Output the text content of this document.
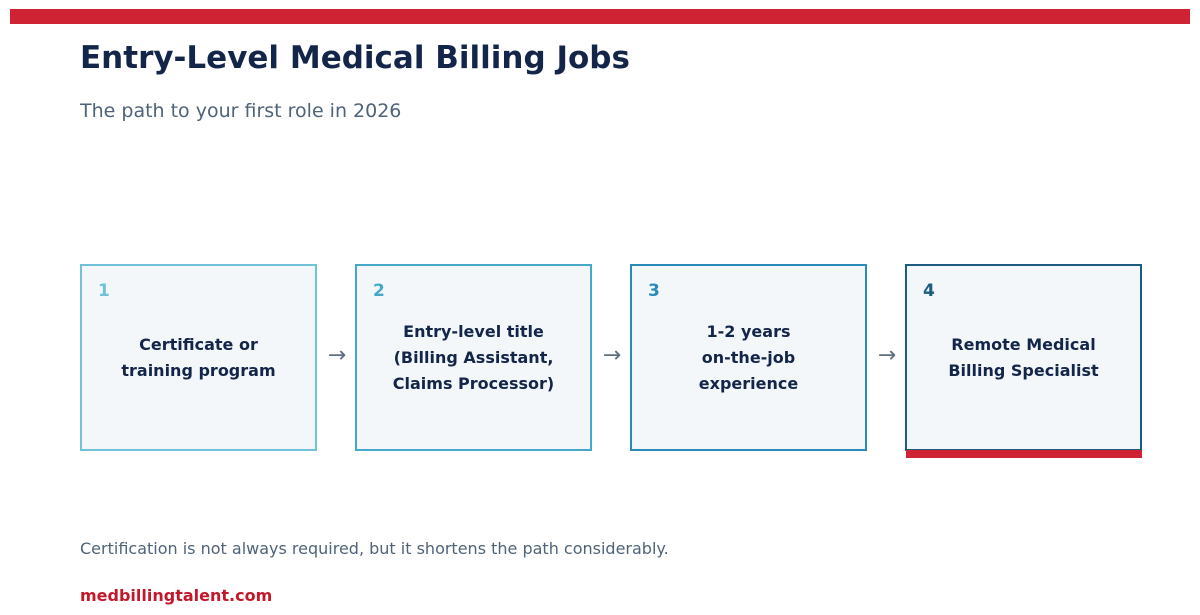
Entry-Level Medical Billing Jobs

The path to your first role in 2026

1
Certificate or
training program
→
2
Entry-level title
(Billing Assistant,
Claims Processor)
→
3
1-2 years
on-the-job
experience
→
4
Remote Medical
Billing Specialist

Certification is not always required, but it shortens the path considerably.

medbillingtalent.com
